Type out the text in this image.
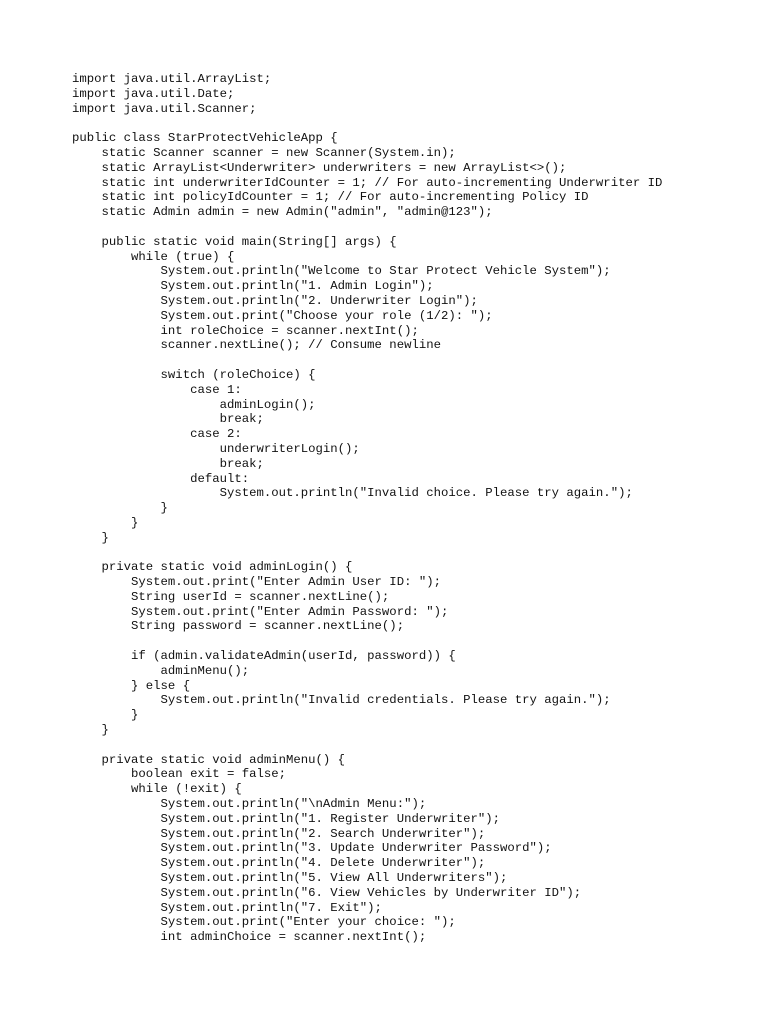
import java.util.ArrayList;
import java.util.Date;
import java.util.Scanner;
public class StarProtectVehicleApp {
static Scanner scanner = new Scanner(System.in);
static ArrayList<Underwriter> underwriters = new ArrayList<>();
static int underwriterIdCounter = 1; // For auto-incrementing Underwriter ID
static int policyIdCounter = 1; // For auto-incrementing Policy ID
static Admin admin = new Admin("admin", "admin@123");
public static void main(String[] args) {
while (true) {
System.out.println("Welcome to Star Protect Vehicle System");
System.out.println("1. Admin Login");
System.out.println("2. Underwriter Login");
System.out.print("Choose your role (1/2): ");
int roleChoice = scanner.nextInt();
scanner.nextLine(); // Consume newline
switch (roleChoice) {
case 1:
adminLogin();
break;
case 2:
underwriterLogin();
break;
default:
System.out.println("Invalid choice. Please try again.");
}
}
}
private static void adminLogin() {
System.out.print("Enter Admin User ID: ");
String userId = scanner.nextLine();
System.out.print("Enter Admin Password: ");
String password = scanner.nextLine();
if (admin.validateAdmin(userId, password)) {
adminMenu();
} else {
System.out.println("Invalid credentials. Please try again.");
}
}
private static void adminMenu() {
boolean exit = false;
while (!exit) {
System.out.println("\nAdmin Menu:");
System.out.println("1. Register Underwriter");
System.out.println("2. Search Underwriter");
System.out.println("3. Update Underwriter Password");
System.out.println("4. Delete Underwriter");
System.out.println("5. View All Underwriters");
System.out.println("6. View Vehicles by Underwriter ID");
System.out.println("7. Exit");
System.out.print("Enter your choice: ");
int adminChoice = scanner.nextInt();
